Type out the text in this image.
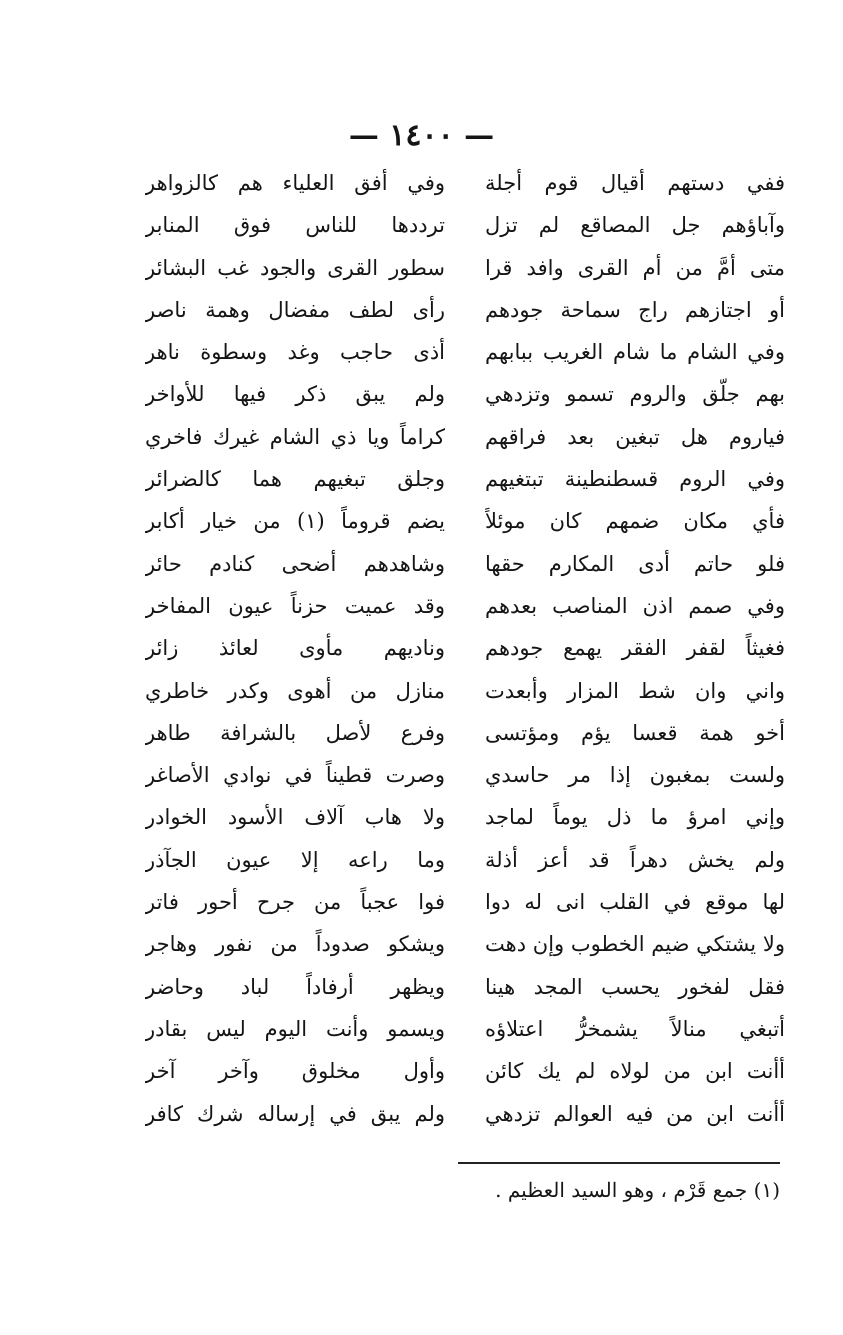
— ١٤٠٠ —
ففي دستهم أقيال قوم أجلة
وآباؤهم جل المصاقع لم تزل
متى أمَّ من أم القرى وافد قرا
أو اجتازهم راج سماحة جودهم
وفي الشام ما شام الغريب ببابهم
بهم جلّق والروم تسمو وتزدهي
فياروم هل تبغين بعد فراقهم
وفي الروم قسطنطينة تبتغيهم
فأي مكان ضمهم كان موئلاً
فلو حاتم أدى المكارم حقها
وفي صمم اذن المناصب بعدهم
فغيثاً لقفر الفقر يهمع جودهم
واني وان شط المزار وأبعدت
أخو همة قعسا يؤم ومؤتسى
ولست بمغبون إذا مر حاسدي
وإني امرؤ ما ذل يوماً لماجد
ولم يخش دهراً قد أعز أذلة
لها موقع في القلب انى له دوا
ولا يشتكي ضيم الخطوب وإن دهت
فقل لفخور يحسب المجد هينا
أتبغي منالاً يشمخرُّ اعتلاؤه
أأنت ابن من لولاه لم يك كائن
أأنت ابن من فيه العوالم تزدهي
وفي أفق العلياء هم كالزواهر
ترددها للناس فوق المنابر
سطور القرى والجود غب البشائر
رأى لطف مفضال وهمة ناصر
أذى حاجب وغد وسطوة ناهر
ولم يبق ذكر فيها للأواخر
كراماً ويا ذي الشام غيرك فاخري
وجلق تبغيهم هما كالضرائر
يضم قروماً (١) من خيار أكابر
وشاهدهم أضحى كنادم حائر
وقد عميت حزناً عيون المفاخر
وناديهم مأوى لعائذ زائر
منازل من أهوى وكدر خاطري
وفرع لأصل بالشرافة طاهر
وصرت قطيناً في نوادي الأصاغر
ولا هاب آلاف الأسود الخوادر
وما راعه إلا عيون الجآذر
فوا عجباً من جرح أحور فاتر
ويشكو صدوداً من نفور وهاجر
ويظهر أرفاداً لباد وحاضر
ويسمو وأنت اليوم ليس بقادر
وأول مخلوق وآخر آخر
ولم يبق في إرساله شرك كافر
(١) جمع قَرْم ، وهو السيد العظيم .
